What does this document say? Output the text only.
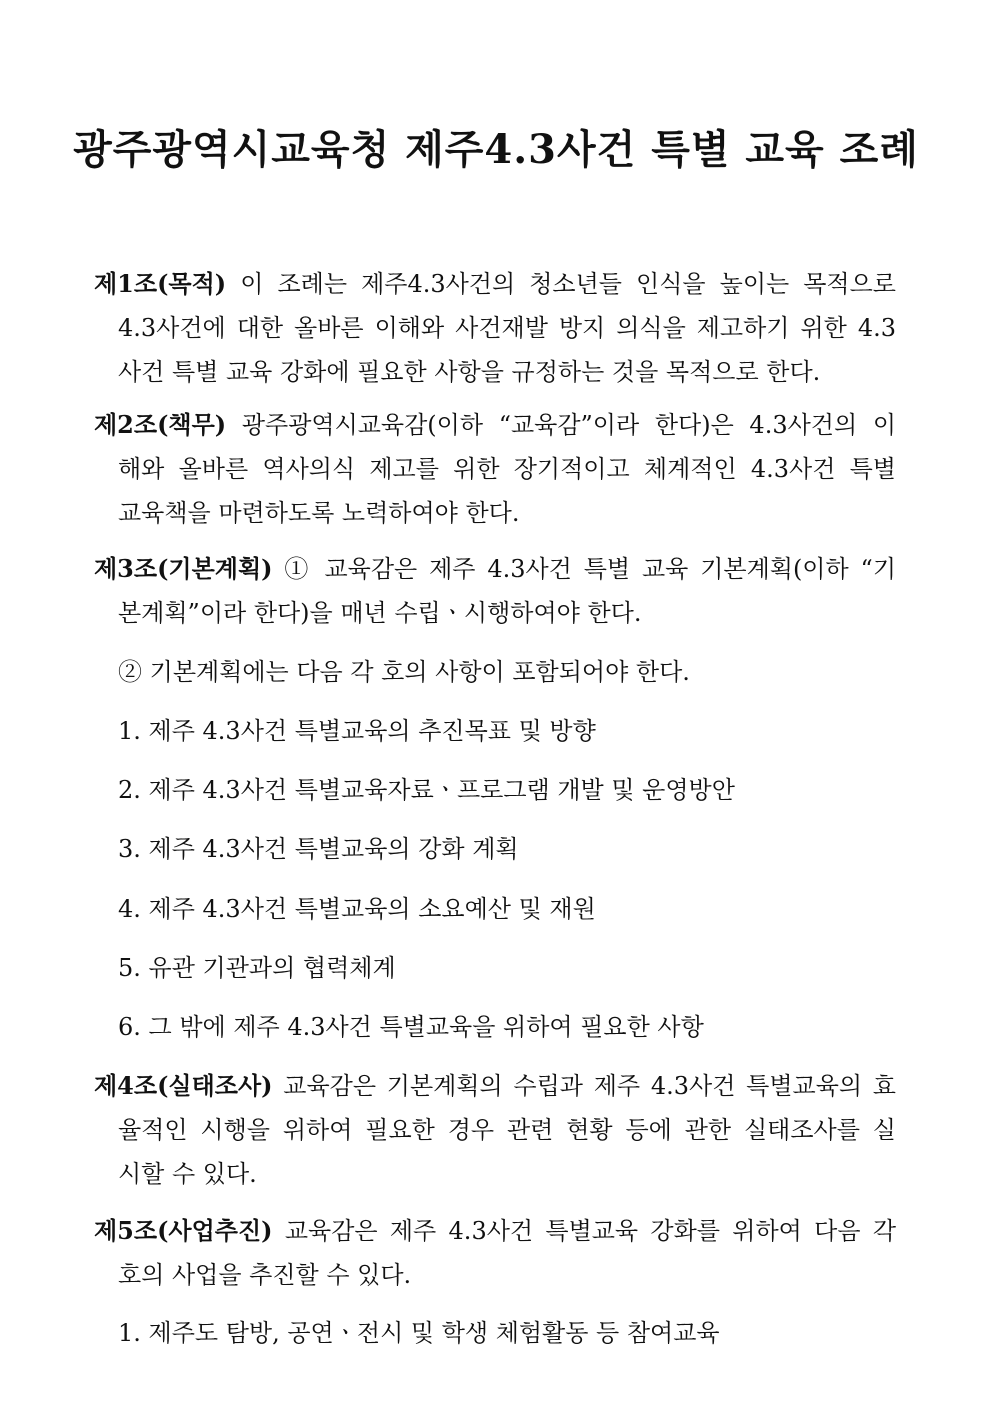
광주광역시교육청 제주4.3사건 특별 교육 조례
제1조(목적) 이 조례는 제주4.3사건의 청소년들 인식을 높이는 목적으로
4.3사건에 대한 올바른 이해와 사건재발 방지 의식을 제고하기 위한 4.3
사건 특별 교육 강화에 필요한 사항을 규정하는 것을 목적으로 한다.
제2조(책무) 광주광역시교육감(이하 “교육감”이라 한다)은 4.3사건의 이
해와 올바른 역사의식 제고를 위한 장기적이고 체계적인 4.3사건 특별
교육책을 마련하도록 노력하여야 한다.
제3조(기본계획) ① 교육감은 제주 4.3사건 특별 교육 기본계획(이하 “기
본계획”이라 한다)을 매년 수립ㆍ시행하여야 한다.
② 기본계획에는 다음 각 호의 사항이 포함되어야 한다.
1. 제주 4.3사건 특별교육의 추진목표 및 방향
2. 제주 4.3사건 특별교육자료ㆍ프로그램 개발 및 운영방안
3. 제주 4.3사건 특별교육의 강화 계획
4. 제주 4.3사건 특별교육의 소요예산 및 재원
5. 유관 기관과의 협력체계
6. 그 밖에 제주 4.3사건 특별교육을 위하여 필요한 사항
제4조(실태조사) 교육감은 기본계획의 수립과 제주 4.3사건 특별교육의 효
율적인 시행을 위하여 필요한 경우 관련 현황 등에 관한 실태조사를 실
시할 수 있다.
제5조(사업추진) 교육감은 제주 4.3사건 특별교육 강화를 위하여 다음 각
호의 사업을 추진할 수 있다.
1. 제주도 탐방, 공연ㆍ전시 및 학생 체험활동 등 참여교육
